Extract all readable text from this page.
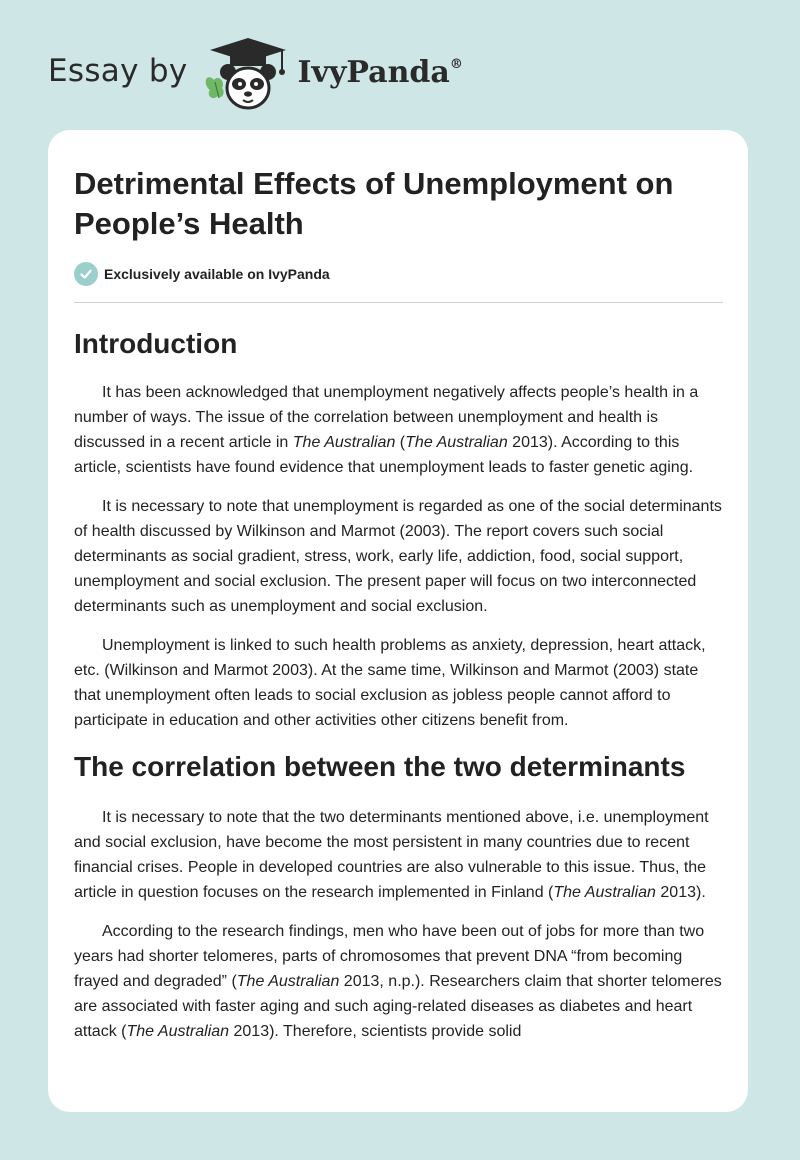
Essay by	IvyPanda®
Detrimental Effects of Unemployment on People’s Health
Exclusively available on IvyPanda
Introduction

It has been acknowledged that unemployment negatively affects people’s health in a number of ways. The issue of the correlation between unemployment and health is discussed in a recent article in The Australian (The Australian 2013). According to this article, scientists have found evidence that unemployment leads to faster genetic aging.

It is necessary to note that unemployment is regarded as one of the social determinants of health discussed by Wilkinson and Marmot (2003). The report covers such social determinants as social gradient, stress, work, early life, addiction, food, social support, unemployment and social exclusion. The present paper will focus on two interconnected determinants such as unemployment and social exclusion.

Unemployment is linked to such health problems as anxiety, depression, heart attack, etc. (Wilkinson and Marmot 2003). At the same time, Wilkinson and Marmot (2003) state that unemployment often leads to social exclusion as jobless people cannot afford to participate in education and other activities other citizens benefit from.

The correlation between the two determinants

It is necessary to note that the two determinants mentioned above, i.e. unemployment and social exclusion, have become the most persistent in many countries due to recent financial crises. People in developed countries are also vulnerable to this issue. Thus, the article in question focuses on the research implemented in Finland (The Australian 2013).

According to the research findings, men who have been out of jobs for more than two years had shorter telomeres, parts of chromosomes that prevent DNA “from becoming frayed and degraded” (The Australian 2013, n.p.). Researchers claim that shorter telomeres are associated with faster aging and such aging-related diseases as diabetes and heart attack (The Australian 2013). Therefore, scientists provide solid
